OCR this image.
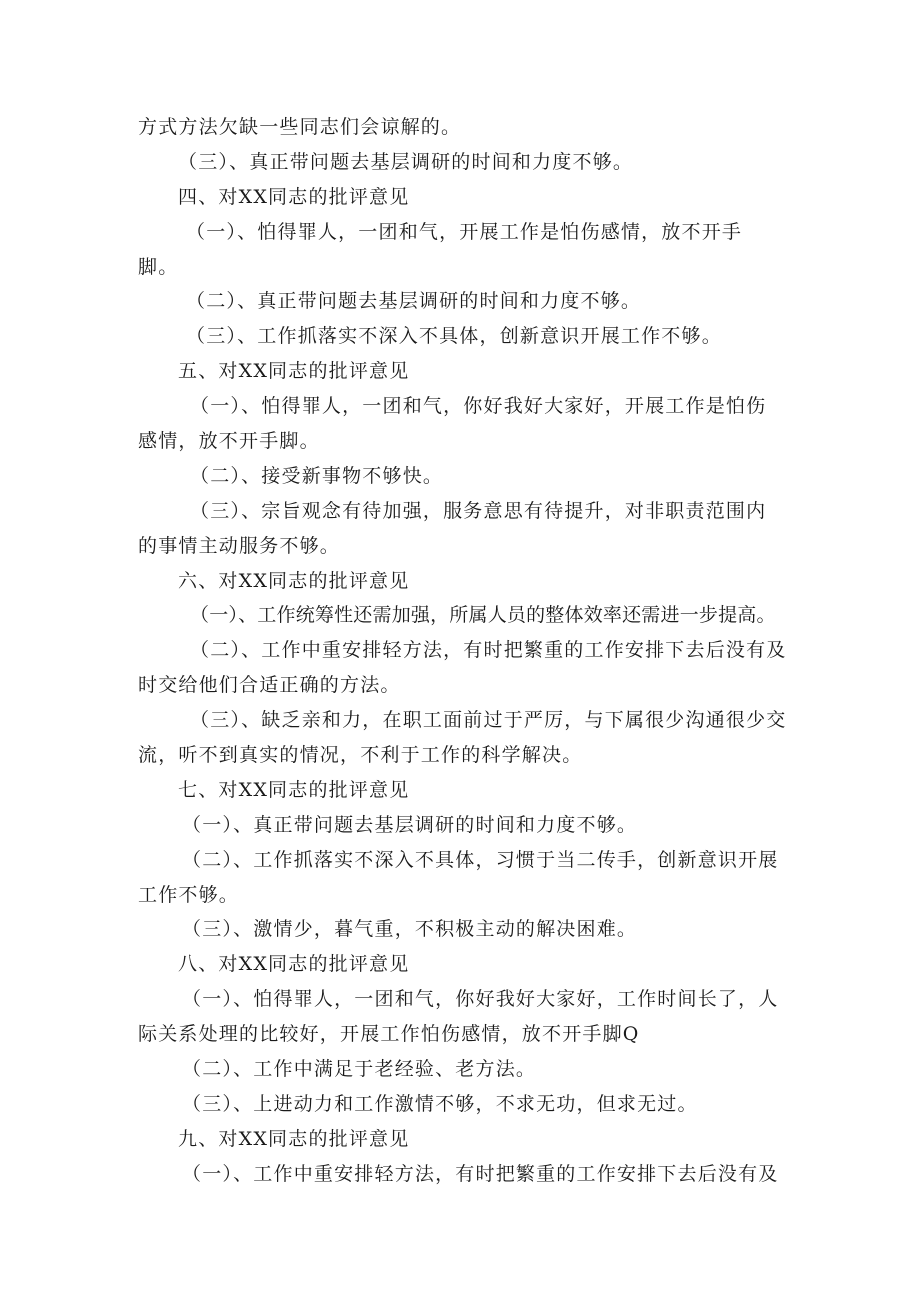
方式方法欠缺一些同志们会谅解的。
（三）、真正带问题去基层调研的时间和力度不够。
四、对XX同志的批评意见
（一）、怕得罪人，一团和气，开展工作是怕伤感情，放不开手
脚。
（二）、真正带问题去基层调研的时间和力度不够。
（三）、工作抓落实不深入不具体，创新意识开展工作不够。
五、对XX同志的批评意见
（一）、怕得罪人，一团和气，你好我好大家好，开展工作是怕伤
感情，放不开手脚。
（二）、接受新事物不够快。
（三）、宗旨观念有待加强，服务意思有待提升，对非职责范围内
的事情主动服务不够。
六、对XX同志的批评意见
（一）、工作统筹性还需加强，所属人员的整体效率还需进一步提高。
（二）、工作中重安排轻方法，有时把繁重的工作安排下去后没有及
时交给他们合适正确的方法。
（三）、缺乏亲和力，在职工面前过于严厉，与下属很少沟通很少交
流，听不到真实的情况，不利于工作的科学解决。
七、对XX同志的批评意见
（一）、真正带问题去基层调研的时间和力度不够。
（二）、工作抓落实不深入不具体，习惯于当二传手，创新意识开展
工作不够。
（三）、激情少，暮气重，不积极主动的解决困难。
八、对XX同志的批评意见
（一）、怕得罪人，一团和气，你好我好大家好，工作时间长了，人
际关系处理的比较好，开展工作怕伤感情，放不开手脚Q
（二）、工作中满足于老经验、老方法。
（三）、上进动力和工作激情不够，不求无功，但求无过。
九、对XX同志的批评意见
（一）、工作中重安排轻方法，有时把繁重的工作安排下去后没有及
